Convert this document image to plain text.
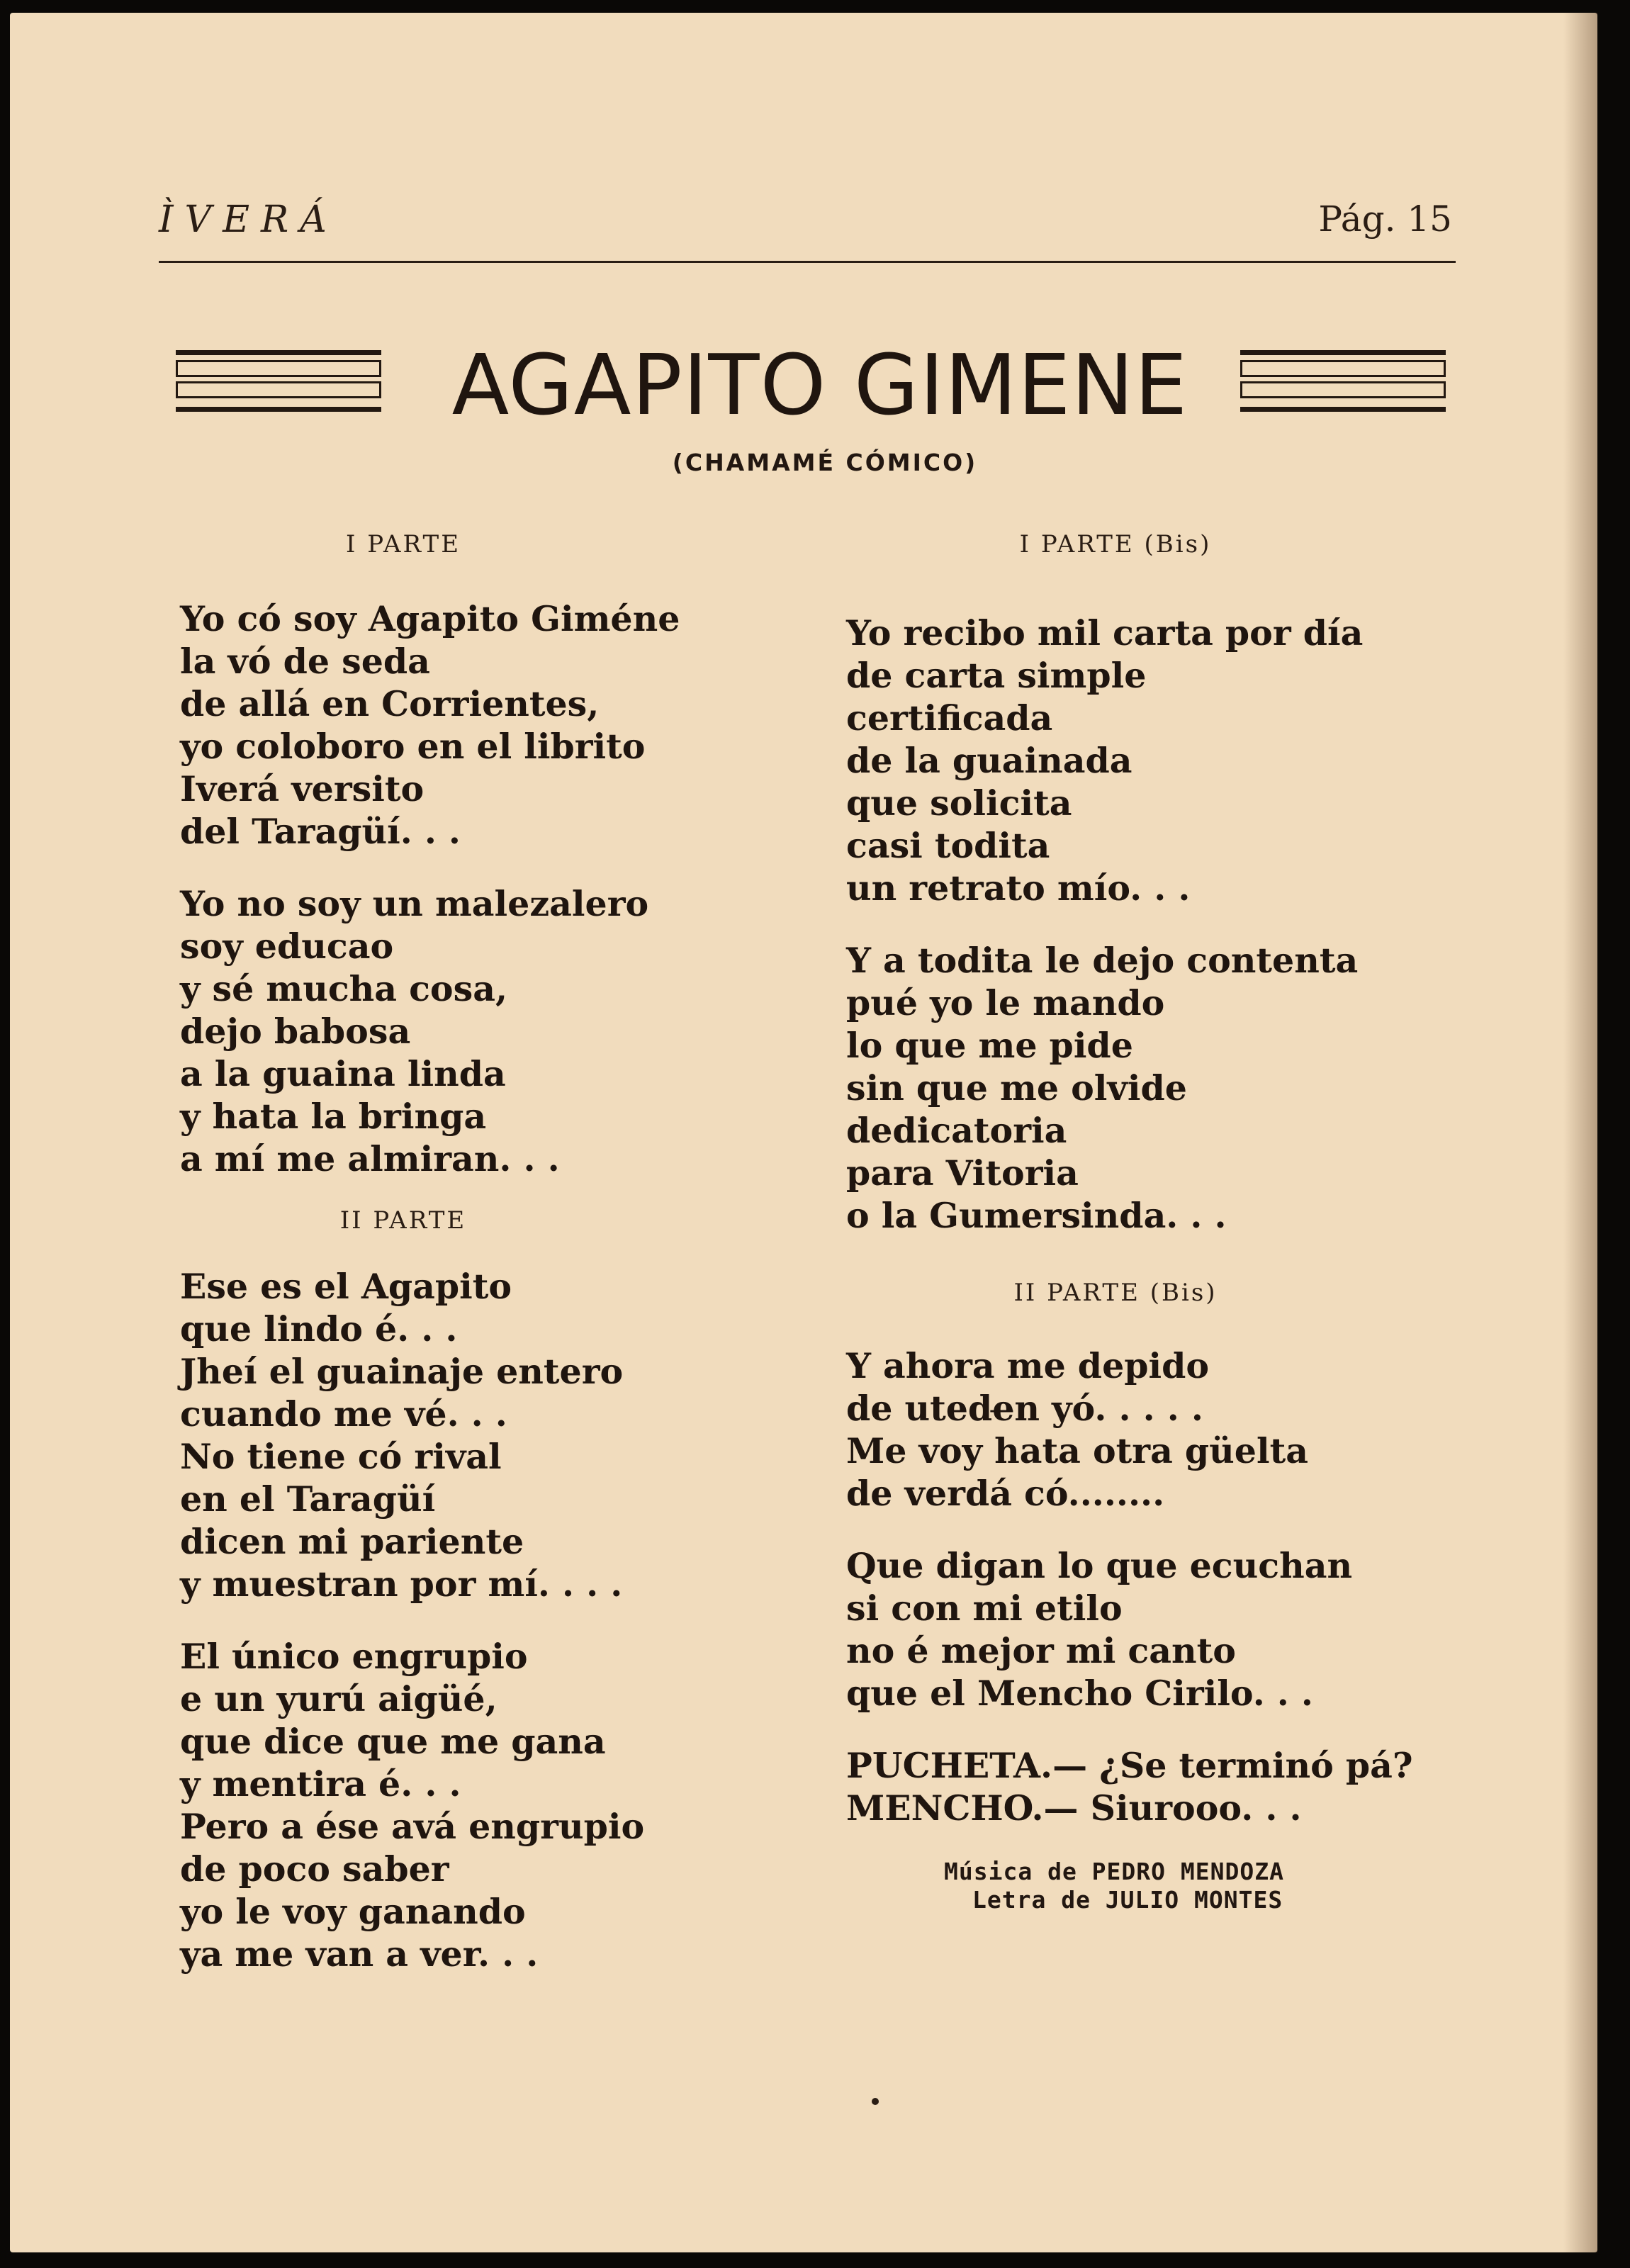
ÌVERÁ	Pág. 15
AGAPITO GIMENE
(CHAMAMÉ CÓMICO)
I PARTE
Yo có soy Agapito Giméne
la vó de seda
de allá en Corrientes,
yo coloboro en el librito
Iverá versito
del Taragüí. . .
Yo no soy un malezalero
soy educao
y sé mucha cosa,
dejo babosa
a la guaina linda
y hata la bringa
a mí me almiran. . .
II PARTE
Ese es el Agapito
que lindo é. . .
Jheí el guainaje entero
cuando me vé. . .
No tiene có rival
en el Taragüí
dicen mi pariente
y muestran por mí. . . .
El único engrupio
e un yurú aigüé,
que dice que me gana
y mentira é. . .
Pero a ése avá engrupio
de poco saber
yo le voy ganando
ya me van a ver. . .
I PARTE (Bis)
Yo recibo mil carta por día
de carta simple
certificada
de la guainada
que solicita
casi todita
un retrato mío. . .
Y a todita le dejo contenta
pué yo le mando
lo que me pide
sin que me olvide
dedicatoria
para Vitoria
o la Gumersinda. . .
II PARTE (Bis)
Y ahora me depido
de utede̶n yó. . . . .
Me voy hata otra güelta
de verdá có........
Que digan lo que ecuchan
si con mi etilo
no é mejor mi canto
que el Mencho Cirilo. . .
PUCHETA.— ¿Se terminó pá?
MENCHO.— Siurooo. . .
Música de PEDRO MENDOZA
Letra de JULIO MONTES
